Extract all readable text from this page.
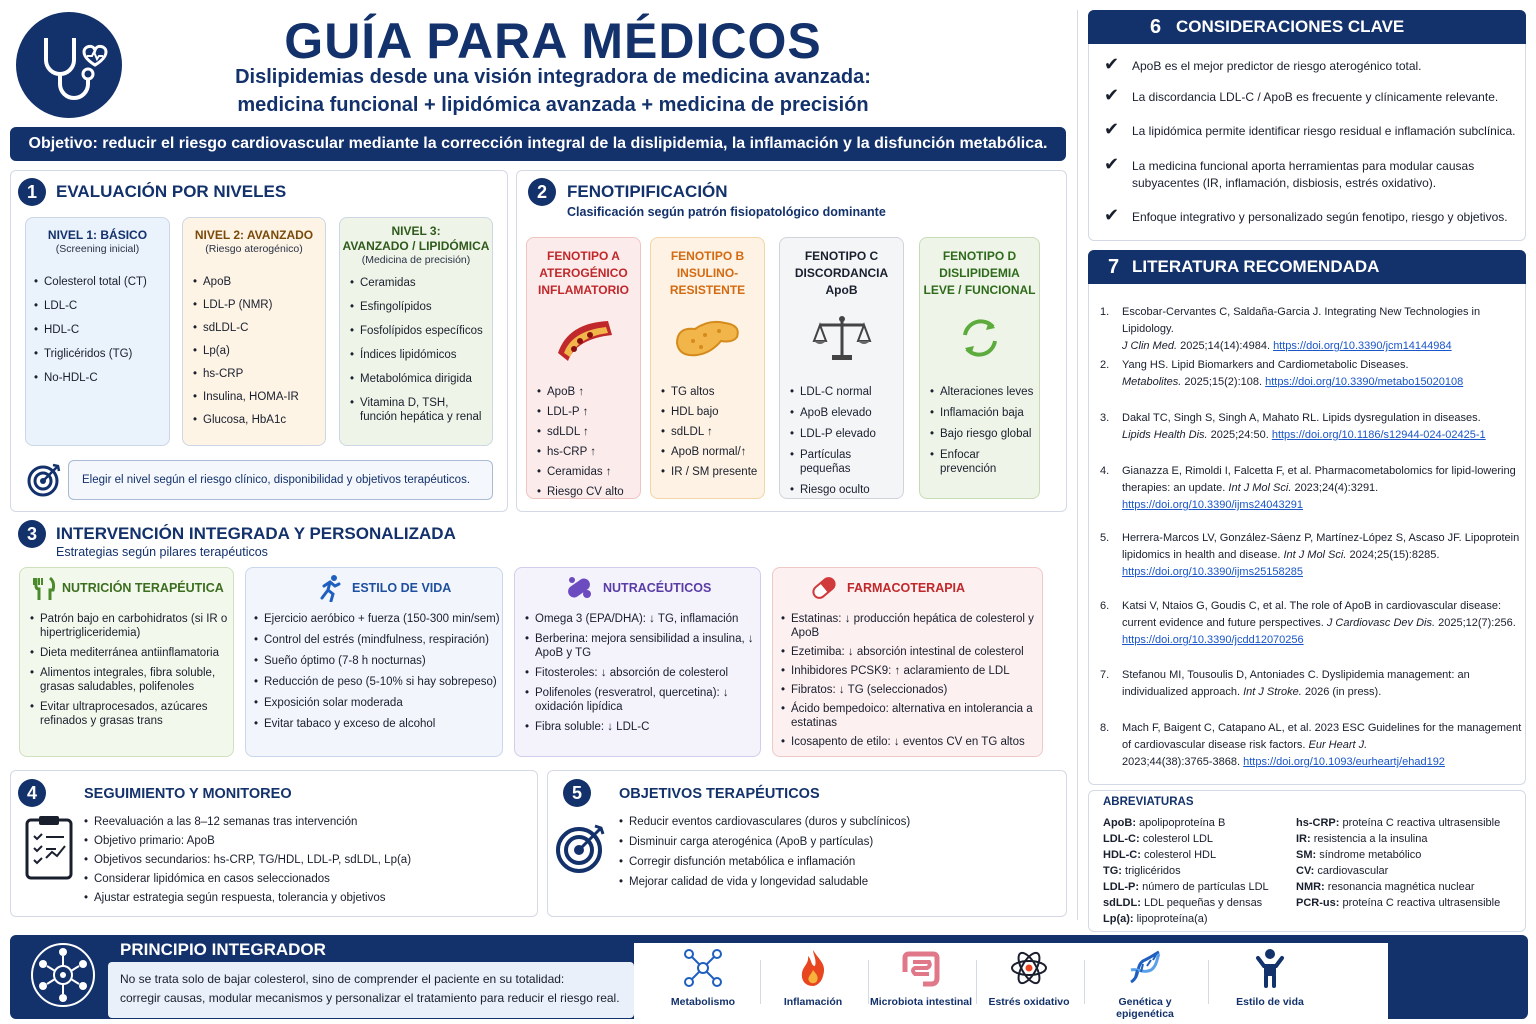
GUÍA PARA MÉDICOS
Dislipidemias desde una visión integradora de medicina avanzada:
medicina funcional + lipidómica avanzada + medicina de precisión
Objetivo: reducir el riesgo cardiovascular mediante la corrección integral de la dislipidemia, la inflamación y la disfunción metabólica.
1	EVALUACIÓN POR NIVELES
NIVEL 1: BÁSICO
(Screening inicial)
• Colesterol total (CT)
• LDL-C
• HDL-C
• Triglicéridos (TG)
• No-HDL-C
NIVEL 2: AVANZADO
(Riesgo aterogénico)
• ApoB
• LDL-P (NMR)
• sdLDL-C
• Lp(a)
• hs-CRP
• Insulina, HOMA-IR
• Glucosa, HbA1c
NIVEL 3:
AVANZADO / LIPIDÓMICA
(Medicina de precisión)
• Ceramidas
• Esfingolípidos
• Fosfolípidos específicos
• Índices lipidómicos
• Metabolómica dirigida
• Vitamina D, TSH, función hepática y renal
Elegir el nivel según el riesgo clínico, disponibilidad y objetivos terapéuticos.
2	FENOTIPIFICACIÓN
Clasificación según patrón fisiopatológico dominante
FENOTIPO A
ATEROGÉNICO
INFLAMATORIO
• ApoB ↑
• LDL-P ↑
• sdLDL ↑
• hs-CRP ↑
• Ceramidas ↑
• Riesgo CV alto
FENOTIPO B
INSULINO-
RESISTENTE
• TG altos
• HDL bajo
• sdLDL ↑
• ApoB normal/↑
• IR / SM presente
FENOTIPO C
DISCORDANCIA
ApoB
• LDL-C normal
• ApoB elevado
• LDL-P elevado
• Partículas pequeñas
• Riesgo oculto
FENOTIPO D
DISLIPIDEMIA
LEVE / FUNCIONAL
• Alteraciones leves
• Inflamación baja
• Bajo riesgo global
• Enfocar prevención
3	INTERVENCIÓN INTEGRADA Y PERSONALIZADA
Estrategias según pilares terapéuticos
NUTRICIÓN TERAPÉUTICA
• Patrón bajo en carbohidratos (si IR o hipertrigliceridemia)
• Dieta mediterránea antiinflamatoria
• Alimentos integrales, fibra soluble, grasas saludables, polifenoles
• Evitar ultraprocesados, azúcares refinados y grasas trans
ESTILO DE VIDA
• Ejercicio aeróbico + fuerza (150-300 min/sem)
• Control del estrés (mindfulness, respiración)
• Sueño óptimo (7-8 h nocturnas)
• Reducción de peso (5-10% si hay sobrepeso)
• Exposición solar moderada
• Evitar tabaco y exceso de alcohol
NUTRACÉUTICOS
• Omega 3 (EPA/DHA): ↓ TG, inflamación
• Berberina: mejora sensibilidad a insulina, ↓ ApoB y TG
• Fitosteroles: ↓ absorción de colesterol
• Polifenoles (resveratrol, quercetina): ↓ oxidación lipídica
• Fibra soluble: ↓ LDL-C
FARMACOTERAPIA
• Estatinas: ↓ producción hepática de colesterol y ApoB
• Ezetimiba: ↓ absorción intestinal de colesterol
• Inhibidores PCSK9: ↑ aclaramiento de LDL
• Fibratos: ↓ TG (seleccionados)
• Ácido bempedoico: alternativa en intolerancia a estatinas
• Icosapento de etilo: ↓ eventos CV en TG altos
4	SEGUIMIENTO Y MONITOREO
• Reevaluación a las 8–12 semanas tras intervención
• Objetivo primario: ApoB
• Objetivos secundarios: hs-CRP, TG/HDL, LDL-P, sdLDL, Lp(a)
• Considerar lipidómica en casos seleccionados
• Ajustar estrategia según respuesta, tolerancia y objetivos
5	OBJETIVOS TERAPÉUTICOS
• Reducir eventos cardiovasculares (duros y subclínicos)
• Disminuir carga aterogénica (ApoB y partículas)
• Corregir disfunción metabólica e inflamación
• Mejorar calidad de vida y longevidad saludable
6 CONSIDERACIONES CLAVE
✔ ApoB es el mejor predictor de riesgo aterogénico total.
✔ La discordancia LDL-C / ApoB es frecuente y clínicamente relevante.
✔ La lipidómica permite identificar riesgo residual e inflamación subclínica.
✔ La medicina funcional aporta herramientas para modular causas subyacentes (IR, inflamación, disbiosis, estrés oxidativo).
✔ Enfoque integrativo y personalizado según fenotipo, riesgo y objetivos.
7 LITERATURA RECOMENDADA
1. Escobar-Cervantes C, Saldaña-Garcia J. Integrating New Technologies in Lipidology.
J Clin Med. 2025;14(14):4984. https://doi.org/10.3390/jcm14144984
2. Yang HS. Lipid Biomarkers and Cardiometabolic Diseases.
Metabolites. 2025;15(2):108. https://doi.org/10.3390/metabo15020108
3. Dakal TC, Singh S, Singh A, Mahato RL. Lipids dysregulation in diseases.
Lipids Health Dis. 2025;24:50. https://doi.org/10.1186/s12944-024-02425-1
4. Gianazza E, Rimoldi I, Falcetta F, et al. Pharmacometabolomics for lipid-lowering therapies: an update. Int J Mol Sci. 2023;24(4):3291.
https://doi.org/10.3390/ijms24043291
5. Herrera-Marcos LV, González-Sáenz P, Martínez-López S, Ascaso JF. Lipoprotein lipidomics in health and disease. Int J Mol Sci. 2024;25(15):8285.
https://doi.org/10.3390/ijms25158285
6. Katsi V, Ntaios G, Goudis C, et al. The role of ApoB in cardiovascular disease: current evidence and future perspectives. J Cardiovasc Dev Dis. 2025;12(7):256.
https://doi.org/10.3390/jcdd12070256
7. Stefanou MI, Tousoulis D, Antoniades C. Dyslipidemia management: an individualized approach. Int J Stroke. 2026 (in press).
8. Mach F, Baigent C, Catapano AL, et al. 2023 ESC Guidelines for the management of cardiovascular disease risk factors. Eur Heart J.
2023;44(38):3765-3868. https://doi.org/10.1093/eurheartj/ehad192
ABREVIATURAS
ApoB: apolipoproteína B
LDL-C: colesterol LDL
HDL-C: colesterol HDL
TG: triglicéridos
LDL-P: número de partículas LDL
sdLDL: LDL pequeñas y densas
Lp(a): lipoproteína(a)
hs-CRP: proteína C reactiva ultrasensible
IR: resistencia a la insulina
SM: síndrome metabólico
CV: cardiovascular
NMR: resonancia magnética nuclear
PCR-us: proteína C reactiva ultrasensible
PRINCIPIO INTEGRADOR
No se trata solo de bajar colesterol, sino de comprender el paciente en su totalidad:
corregir causas, modular mecanismos y personalizar el tratamiento para reducir el riesgo real.	Metabolismo	Inflamación	Microbiota intestinal	Estrés oxidativo	Genética y epigenética
Estilo de vida
